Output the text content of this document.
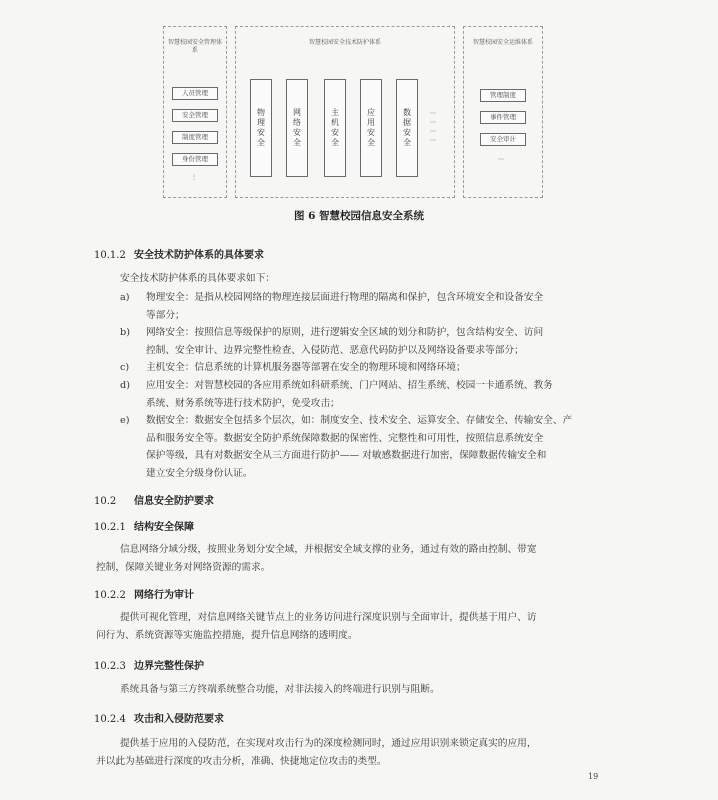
智慧校园安全管理体系
人员管理
安全管理
制度管理
身份管理
⋮
智慧校园安全技术防护体系
物理安全	网络安全	主机安全	应用安全	数据安全	⋯
⋯
⋯
⋯
智慧校园安全运维体系
管理制度
事件管理
安全审计
⋯
图 6 智慧校园信息安全系统
10.1.2 安全技术防护体系的具体要求
安全技术防护体系的具体要求如下：
a) 物理安全：是指从校园网络的物理连接层面进行物理的隔离和保护，包含环境安全和设备安全
等部分；
b) 网络安全：按照信息等级保护的原则，进行逻辑安全区域的划分和防护，包含结构安全、访问
控制、安全审计、边界完整性检查、入侵防范、恶意代码防护以及网络设备要求等部分；
c) 主机安全：信息系统的计算机服务器等部署在安全的物理环境和网络环境；
d) 应用安全：对智慧校园的各应用系统如科研系统、门户网站、招生系统、校园一卡通系统、教务
系统、财务系统等进行技术防护，免受攻击；
e) 数据安全：数据安全包括多个层次，如：制度安全、技术安全、运算安全、存储安全、传输安全、产
品和服务安全等。数据安全防护系统保障数据的保密性、完整性和可用性，按照信息系统安全
保护等级，具有对数据安全从三方面进行防护—— 对敏感数据进行加密，保障数据传输安全和
建立安全分级身份认证。
10.2 信息安全防护要求
10.2.1 结构安全保障
信息网络分域分级，按照业务划分安全域，并根据安全域支撑的业务，通过有效的路由控制、带宽
控制，保障关键业务对网络资源的需求。
10.2.2 网络行为审计
提供可视化管理，对信息网络关键节点上的业务访问进行深度识别与全面审计，提供基于用户、访
问行为、系统资源等实施监控措施，提升信息网络的透明度。
10.2.3 边界完整性保护
系统具备与第三方终端系统整合功能，对非法接入的终端进行识别与阻断。
10.2.4 攻击和入侵防范要求
提供基于应用的入侵防范，在实现对攻击行为的深度检测同时，通过应用识别来锁定真实的应用，
并以此为基础进行深度的攻击分析，准确、快捷地定位攻击的类型。
19
